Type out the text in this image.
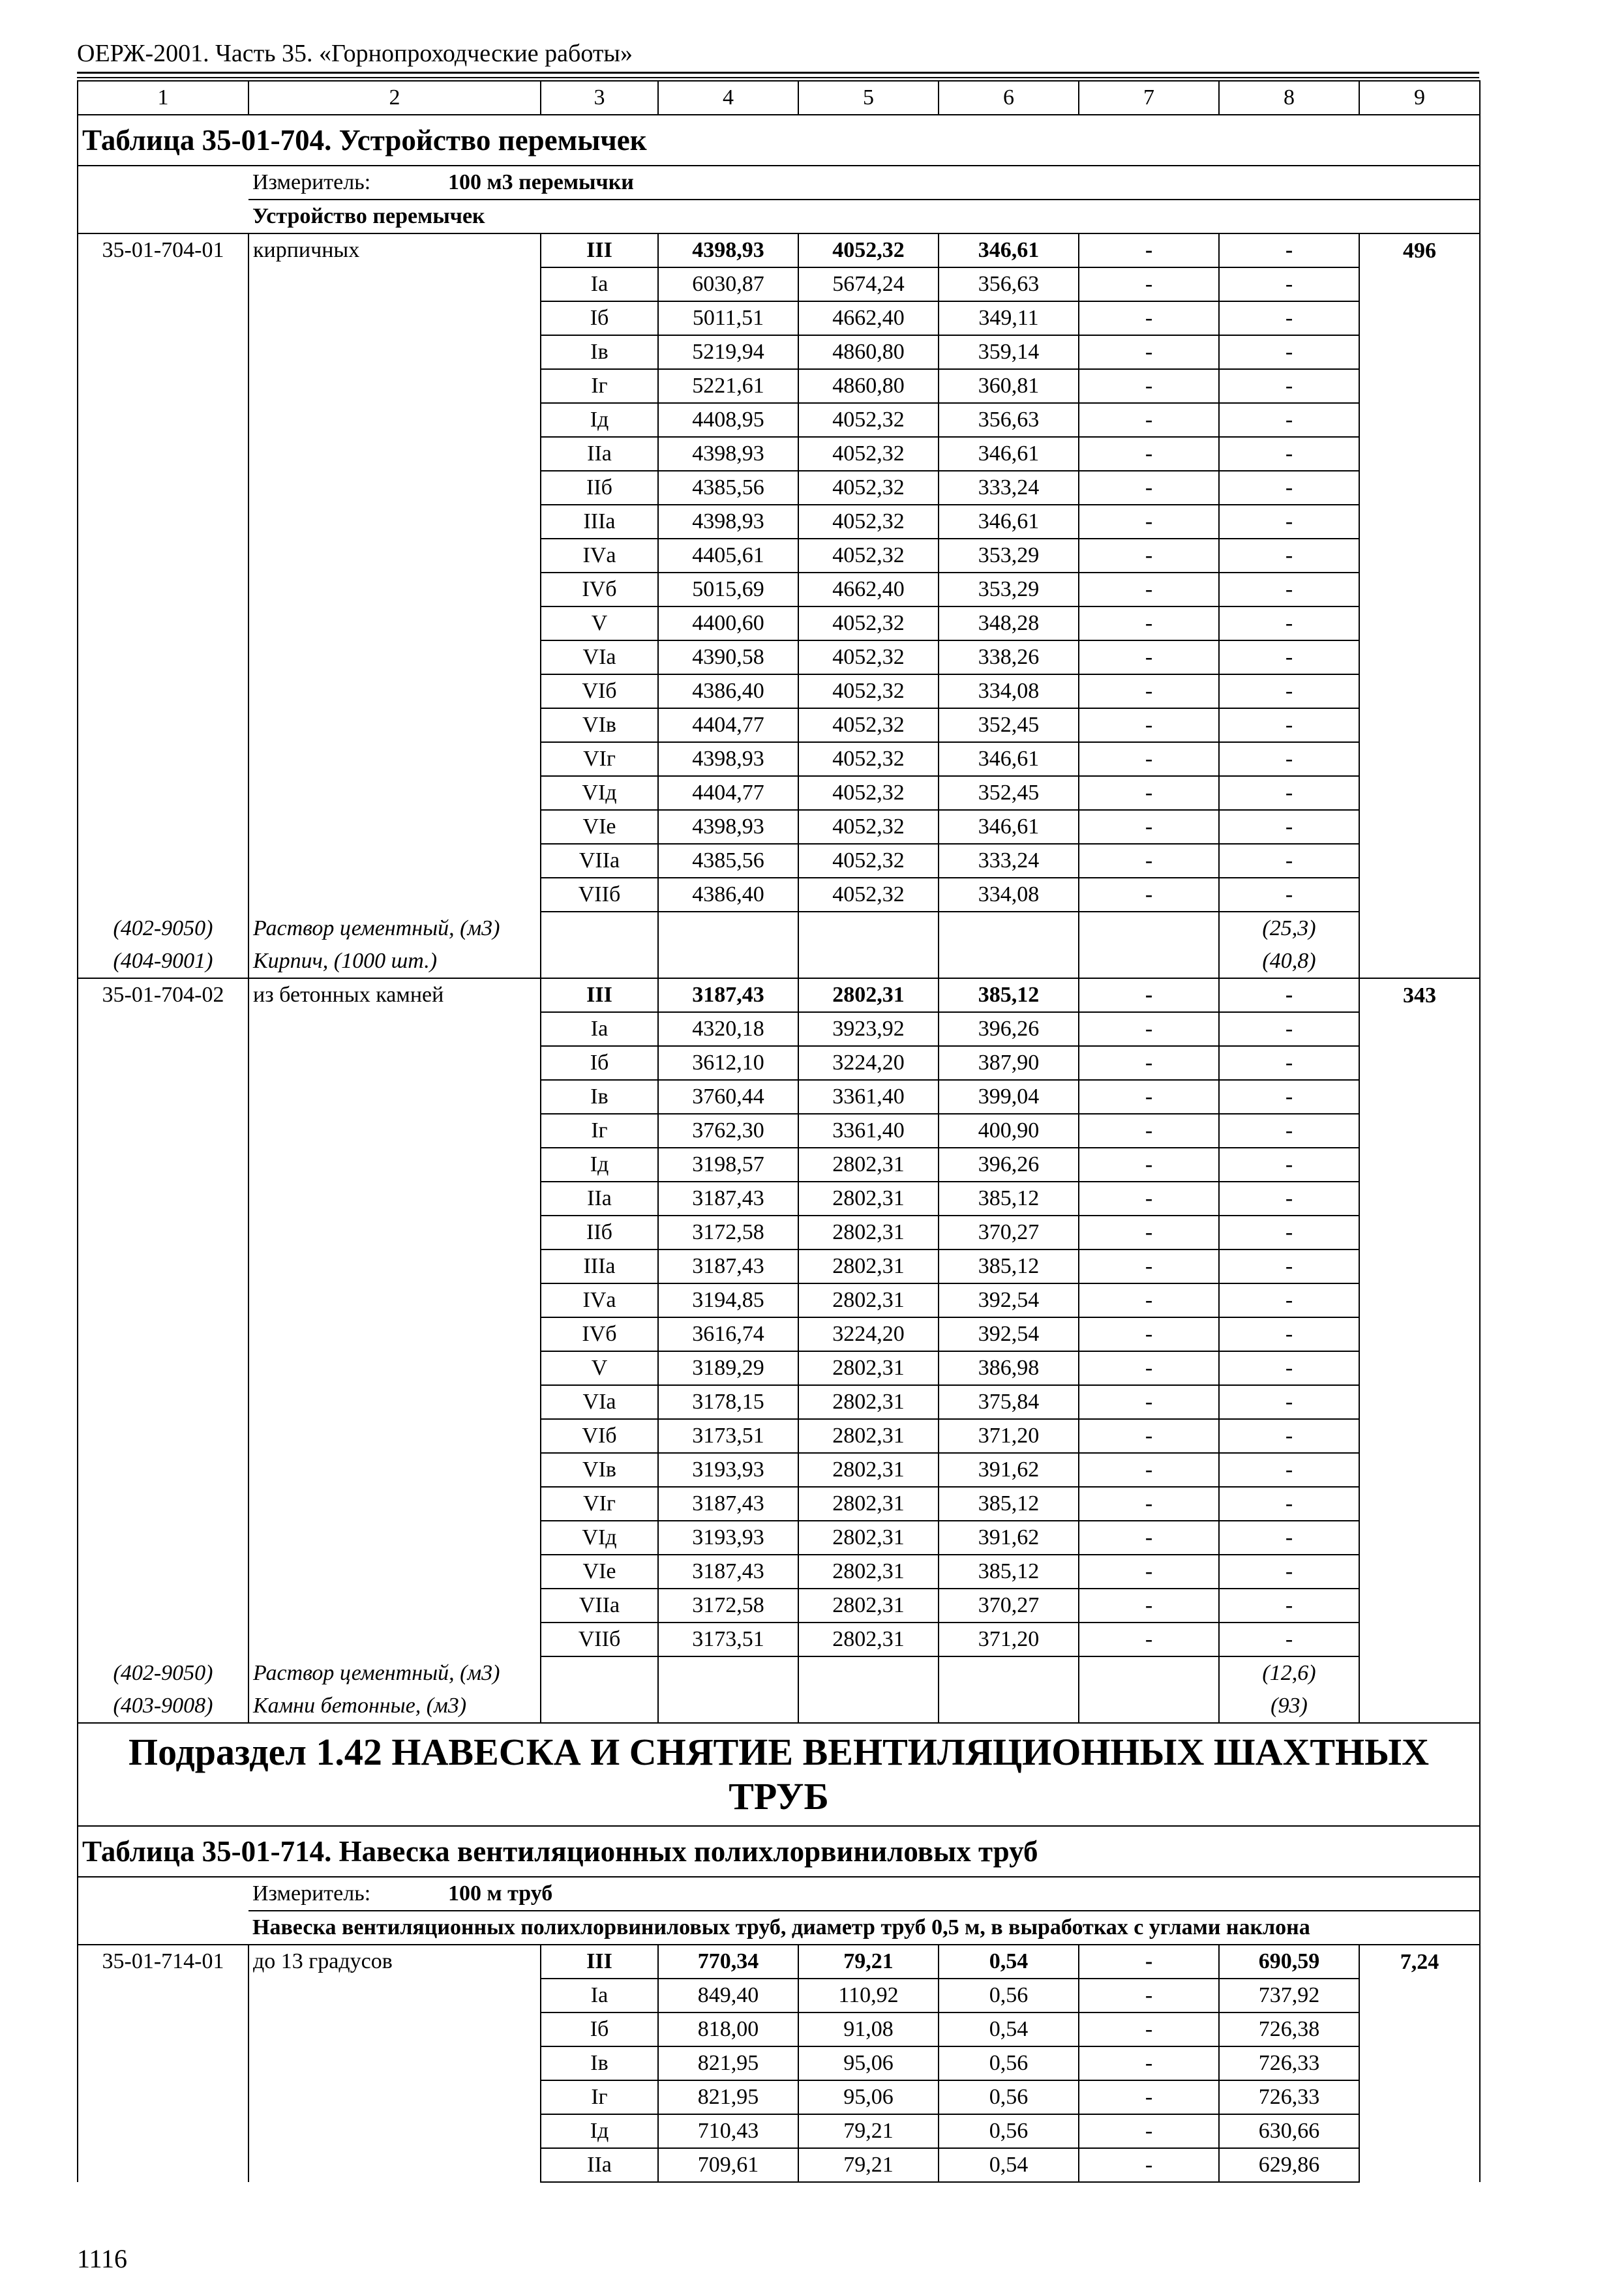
ОЕРЖ-2001. Часть 35. «Горнопроходческие работы»
1	2	3	4	5	6	7	8	9
Таблица 35-01-704. Устройство перемычек								
	Измеритель: 100 м3 перемычки							
	Устройство перемычек							
35-01-704-01	кирпичных	III	4398,93	4052,32	346,61	-	-	496
		Iа	6030,87	5674,24	356,63	-	-	
		Iб	5011,51	4662,40	349,11	-	-	
		Iв	5219,94	4860,80	359,14	-	-	
		Iг	5221,61	4860,80	360,81	-	-	
		Iд	4408,95	4052,32	356,63	-	-	
		IIа	4398,93	4052,32	346,61	-	-	
		IIб	4385,56	4052,32	333,24	-	-	
		IIIа	4398,93	4052,32	346,61	-	-	
		IVа	4405,61	4052,32	353,29	-	-	
		IVб	5015,69	4662,40	353,29	-	-	
		V	4400,60	4052,32	348,28	-	-	
		VIа	4390,58	4052,32	338,26	-	-	
		VIб	4386,40	4052,32	334,08	-	-	
		VIв	4404,77	4052,32	352,45	-	-	
		VIг	4398,93	4052,32	346,61	-	-	
		VIд	4404,77	4052,32	352,45	-	-	
		VIе	4398,93	4052,32	346,61	-	-	
		VIIа	4385,56	4052,32	333,24	-	-	
		VIIб	4386,40	4052,32	334,08	-	-	
(402-9050)	Раствор цементный, (м3)						(25,3)	
(404-9001)	Кирпич, (1000 шт.)						(40,8)	
35-01-704-02	из бетонных камней	III	3187,43	2802,31	385,12	-	-	343
		Iа	4320,18	3923,92	396,26	-	-	
		Iб	3612,10	3224,20	387,90	-	-	
		Iв	3760,44	3361,40	399,04	-	-	
		Iг	3762,30	3361,40	400,90	-	-	
		Iд	3198,57	2802,31	396,26	-	-	
		IIа	3187,43	2802,31	385,12	-	-	
		IIб	3172,58	2802,31	370,27	-	-	
		IIIа	3187,43	2802,31	385,12	-	-	
		IVа	3194,85	2802,31	392,54	-	-	
		IVб	3616,74	3224,20	392,54	-	-	
		V	3189,29	2802,31	386,98	-	-	
		VIа	3178,15	2802,31	375,84	-	-	
		VIб	3173,51	2802,31	371,20	-	-	
		VIв	3193,93	2802,31	391,62	-	-	
		VIг	3187,43	2802,31	385,12	-	-	
		VIд	3193,93	2802,31	391,62	-	-	
		VIе	3187,43	2802,31	385,12	-	-	
		VIIа	3172,58	2802,31	370,27	-	-	
		VIIб	3173,51	2802,31	371,20	-	-	
(402-9050)	Раствор цементный, (м3)						(12,6)	
(403-9008)	Камни бетонные, (м3)						(93)	
Подраздел 1.42 НАВЕСКА И СНЯТИЕ ВЕНТИЛЯЦИОННЫХ ШАХТНЫХ ТРУБ								
Таблица 35-01-714. Навеска вентиляционных полихлорвиниловых труб								
	Измеритель: 100 м труб							
	Навеска вентиляционных полихлорвиниловых труб, диаметр труб 0,5 м, в выработках с углами наклона							
35-01-714-01	до 13 градусов	III	770,34	79,21	0,54	-	690,59	7,24
		Iа	849,40	110,92	0,56	-	737,92	
		Iб	818,00	91,08	0,54	-	726,38	
		Iв	821,95	95,06	0,56	-	726,33	
		Iг	821,95	95,06	0,56	-	726,33	
		Iд	710,43	79,21	0,56	-	630,66	
		IIа	709,61	79,21	0,54	-	629,86	
1116
